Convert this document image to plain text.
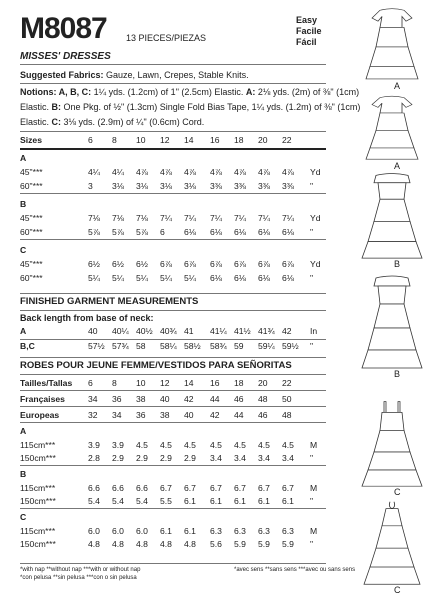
M8087 13 PIECES/PIEZAS
Easy
Facile
Fácil
MISSES' DRESSES
Suggested Fabrics: Gauze, Lawn, Crepes, Stable Knits.
Notions: A, B, C: 1¼ yds. (1.2cm) of 1" (2.5cm) Elastic. A: 2⅛ yds. (2m) of ⅜" (1cm)
Elastic. B: One Pkg. of ½" (1.3cm) Single Fold Bias Tape, 1¼ yds. (1.2m) of ⅜" (1cm)
Elastic. C: 3⅛ yds. (2.9m) of ¼" (0.6cm) Cord.
Sizes	6 8 10 12 14 16 18 20 22
A
45"***	4¼ 4¼ 4⅞ 4⅞ 4⅞ 4⅞ 4⅞ 4⅞ 4⅞ Yd
60"***	3 3⅛ 3⅛ 3⅛ 3⅛ 3⅜ 3⅜ 3⅜ 3⅜ "
B
45"***	7⅛ 7⅛ 7⅛ 7¼ 7¼ 7¼ 7¼ 7¼ 7¼ Yd
60"***	5⅞ 5⅞ 5⅞ 6 6⅛ 6⅛ 6⅛ 6⅛ 6⅛ "
C
45"***	6½ 6½ 6½ 6⅞ 6⅞ 6⅞ 6⅞ 6⅞ 6⅞ Yd
60"***	5¼ 5¼ 5¼ 5¼ 5¼ 6⅛ 6⅛ 6⅛ 6⅛ "
FINISHED GARMENT MEASUREMENTS
Back length from base of neck:
A	40 40¼ 40½ 40¾ 41 41¼ 41½ 41¾ 42 In
B,C	57½ 57¾ 58 58¼ 58½ 58¾ 59 59¼ 59½ "
ROBES POUR JEUNE FEMME/VESTIDOS PARA SEÑORITAS
Tailles/Tallas 6 8 10 12 14 16 18 20 22
Françaises	34 36 38 40 42 44 46 48 50
Europeas	32 34 36 38 40 42 44 46 48
A
115cm***	3.9 3.9 4.5 4.5 4.5 4.5 4.5 4.5 4.5 M
150cm***	2.8 2.9 2.9 2.9 2.9 3.4 3.4 3.4 3.4 "
B
115cm***	6.6 6.6 6.6 6.7 6.7 6.7 6.7 6.7 6.7 M
150cm***	5.4 5.4 5.4 5.5 6.1 6.1 6.1 6.1 6.1 "
C
115cm***	6.0 6.0 6.0 6.1 6.1 6.3 6.3 6.3 6.3 M
150cm***	4.8 4.8 4.8 4.8 4.8 5.6 5.9 5.9 5.9 "
*with nap **without nap ***with or without nap
*con pelusa **sin pelusa ***con o sin pelusa
*avec sens **sans sens ***avec ou sans sens
A
A
B
B
C
C
